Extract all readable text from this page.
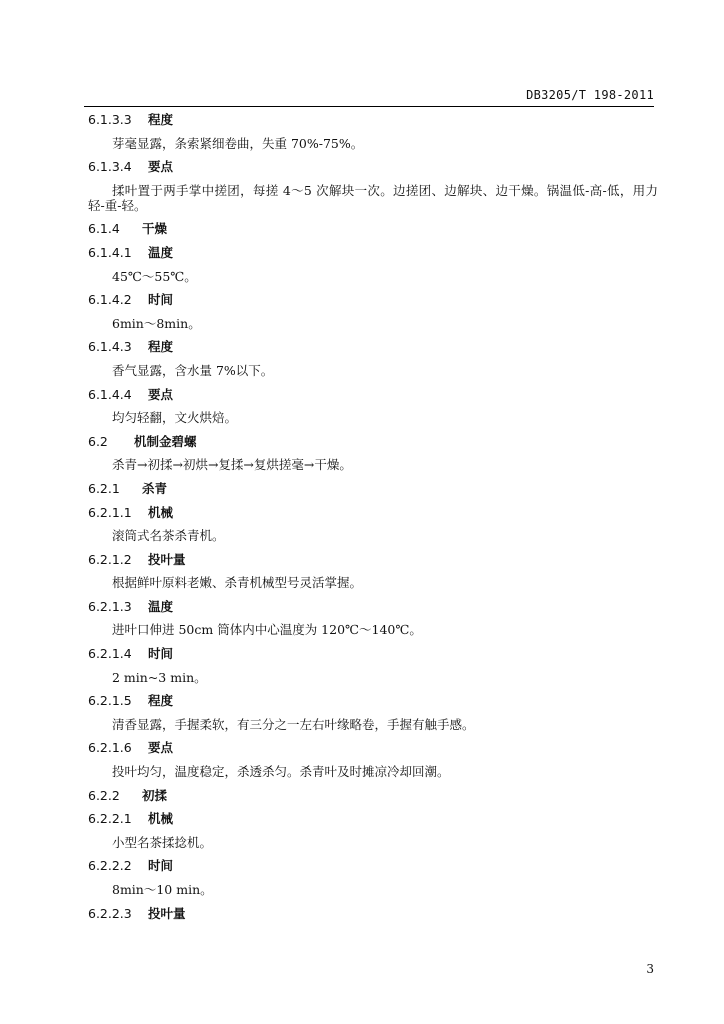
DB3205/T 198-2011
6.1.3.3 程度
芽毫显露，条索紧细卷曲，失重 70%-75%。
6.1.3.4 要点
揉叶置于两手掌中搓团，每搓 4～5 次解块一次。边搓团、边解块、边干燥。锅温低-高-低，用力轻-重-轻。
6.1.4 干燥
6.1.4.1 温度
45℃～55℃。
6.1.4.2 时间
6min～8min。
6.1.4.3 程度
香气显露，含水量 7%以下。
6.1.4.4 要点
均匀轻翻，文火烘焙。
6.2 机制金碧螺
杀青→初揉→初烘→复揉→复烘搓毫→干燥。
6.2.1 杀青
6.2.1.1 机械
滚筒式名茶杀青机。
6.2.1.2 投叶量
根据鲜叶原料老嫩、杀青机械型号灵活掌握。
6.2.1.3 温度
进叶口伸进 50cm 筒体内中心温度为 120℃～140℃。
6.2.1.4 时间
2 min~3 min。
6.2.1.5 程度
清香显露，手握柔软，有三分之一左右叶缘略卷，手握有触手感。
6.2.1.6 要点
投叶均匀，温度稳定，杀透杀匀。杀青叶及时摊凉冷却回潮。
6.2.2 初揉
6.2.2.1 机械
小型名茶揉捻机。
6.2.2.2 时间
8min～10 min。
6.2.2.3 投叶量
3
